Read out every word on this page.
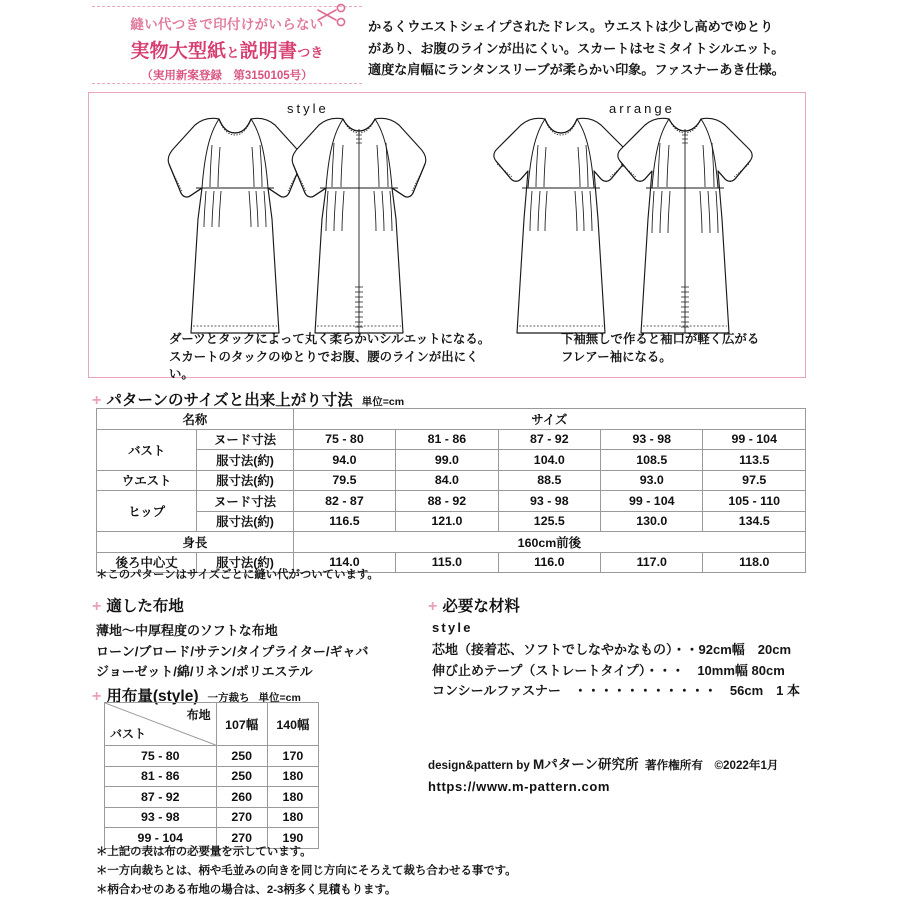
縫い代つきで印付けがいらない
実物大型紙と説明書つき
（実用新案登録　第3150105号）
かるくウエストシェイプされたドレス。ウエストは少し高めでゆとり
があり、お腹のラインが出にくい。スカートはセミタイトシルエット。
適度な肩幅にランタンスリーブが柔らかい印象。ファスナーあき仕様。
style	arrange
ダーツとタックによって丸く柔らかいシルエットになる。
スカートのタックのゆとりでお腹、腰のラインが出にくい。
下袖無しで作ると袖口が軽く広がる
フレアー袖になる。
+ パターンのサイズと出来上がり寸法 単位=cm
名称		サイズ				
バスト	ヌード寸法	75 - 80	81 - 86	87 - 92	93 - 98	99 - 104
	服寸法(約)	94.0	99.0	104.0	108.5	113.5
ウエスト	服寸法(約)	79.5	84.0	88.5	93.0	97.5
ヒップ	ヌード寸法	82 - 87	88 - 92	93 - 98	99 - 104	105 - 110
	服寸法(約)	116.5	121.0	125.5	130.0	134.5
身長		160cm前後				
後ろ中心丈	服寸法(約)	114.0	115.0	116.0	117.0	118.0
＊このパターンはサイズごとに縫い代がついています。
+ 適した布地
薄地〜中厚程度のソフトな布地
ローン/ブロード/サテン/タイプライター/ギャバ
ジョーゼット/綿/リネン/ポリエステル
+ 必要な材料
style
芯地（接着芯、ソフトでしなやかなもの）・・92cm幅　20cm
伸び止めテープ（ストレートタイプ）・・・　10mm幅 80cm
コンシールファスナー　・・・・・・・・・・・　56cm　1 本
+ 用布量(style) 一方裁ち 単位=cm
布地
バスト	107幅	140幅
75 - 80	250	170
81 - 86	250	180
87 - 92	260	180
93 - 98	270	180
99 - 104	270	190
＊上記の表は布の必要量を示しています。
＊一方向裁ちとは、柄や毛並みの向きを同じ方向にそろえて裁ち合わせる事です。
＊柄合わせのある布地の場合は、2-3柄多く見積もります。
design&pattern by Mパターン研究所 著作権所有　©2022年1月
https://www.m-pattern.com
